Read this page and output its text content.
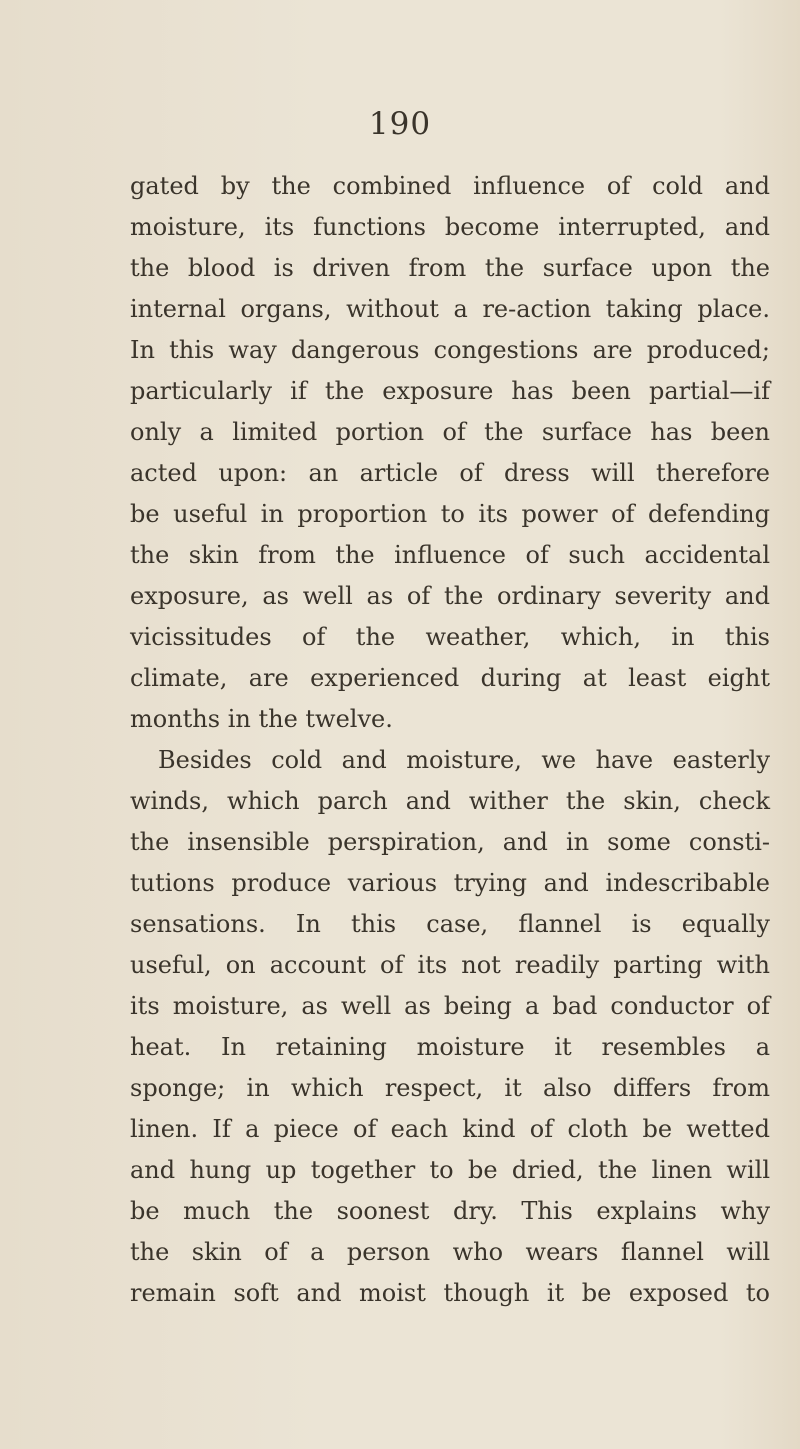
190
gated by the combined influence of cold and
moisture, its functions become interrupted, and
the blood is driven from the surface upon the
internal organs, without a re-action taking place.
In this way dangerous congestions are produced;
particularly if the exposure has been partial—if
only a limited portion of the surface has been
acted upon: an article of dress will therefore
be useful in proportion to its power of defending
the skin from the influence of such accidental
exposure, as well as of the ordinary severity and
vicissitudes of the weather, which, in this
climate, are experienced during at least eight
months in the twelve.
Besides cold and moisture, we have easterly
winds, which parch and wither the skin, check
the insensible perspiration, and in some consti-
tutions produce various trying and indescribable
sensations. In this case, flannel is equally
useful, on account of its not readily parting with
its moisture, as well as being a bad conductor of
heat. In retaining moisture it resembles a
sponge; in which respect, it also differs from
linen. If a piece of each kind of cloth be wetted
and hung up together to be dried, the linen will
be much the soonest dry. This explains why
the skin of a person who wears flannel will
remain soft and moist though it be exposed to
